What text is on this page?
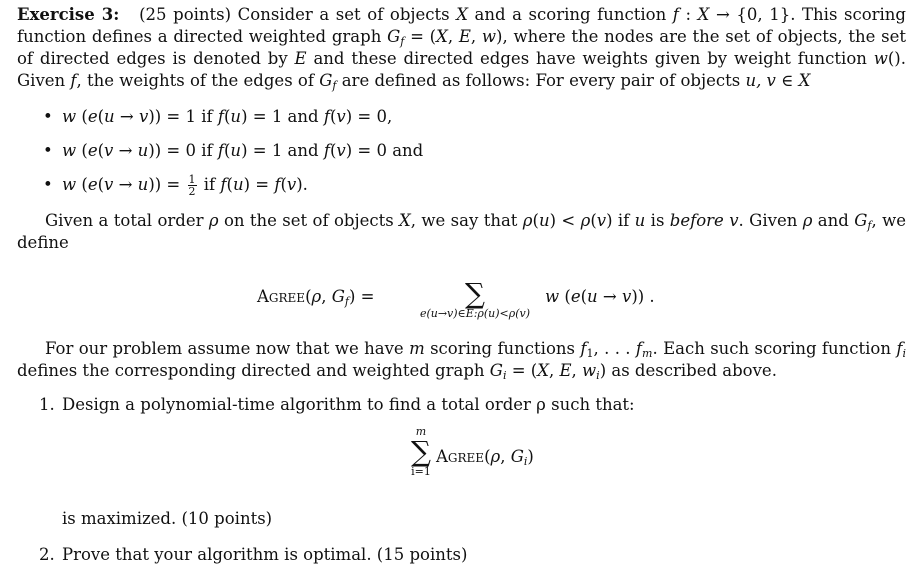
Exercise 3: (25 points) Consider a set of objects X and a scoring function f : X → {0, 1}. This scoring function defines a directed weighted graph $G_f = (X$, E, w), where the nodes are the set of objects, the set of directed edges is denoted by E and these directed edges have weights given by weight function w(). Given f, the weights of the edges of $G_f$ are defined as follows: For every pair of objects u, v ∈ X

• w (e(u → v)) = 1 if f(u) = 1 and f(v) = 0,
• w (e(v → u)) = 0 if f(u) = 1 and f(v) = 0 and
• w $(e(v \to u)) = \frac{1}{2}$ if f(u) = f(v).

Given a total order ρ on the set of objects X, we say that ρ(u) < ρ(v) if u is before v. Given ρ and $G_f$, we define

Agree(ρ, $G_f$) =	∑
e(u→v)∈E:ρ(u)<ρ(v)
w (e(u → v)) .

For our problem assume now that we have m scoring functions $f_1$, . . . $f_m$. Each such scoring function $f_i$ defines the corresponding directed and weighted graph $G_i = (X$, E, $w_i$) as described above.

1. Design a polynomial-time algorithm to find a total order ρ such that:
m
∑
i=1
Agree(ρ, $G_i$)
is maximized. (10 points)
2. Prove that your algorithm is optimal. (15 points)
